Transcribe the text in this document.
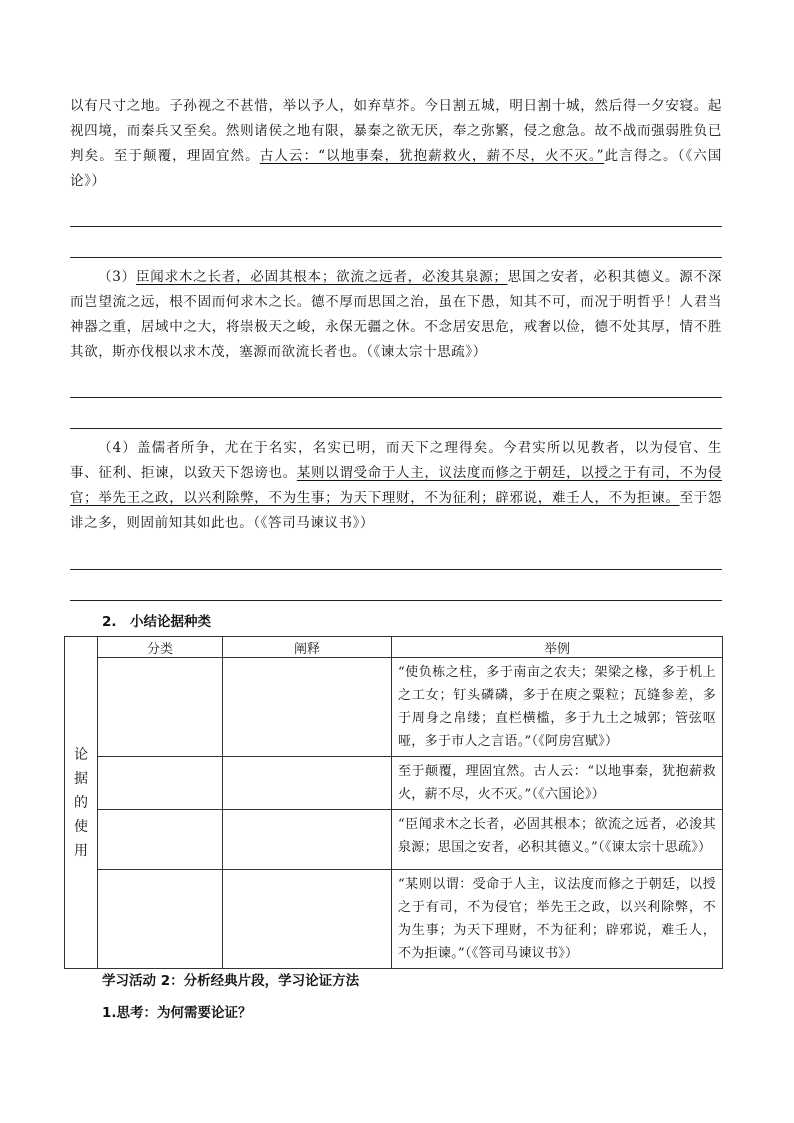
以有尺寸之地。子孙视之不甚惜，举以予人，如弃草芥。今日割五城，明日割十城，然后得一夕安寝。起视四境，而秦兵又至矣。然则诸侯之地有限，暴秦之欲无厌，奉之弥繁，侵之愈急。故不战而强弱胜负已判矣。至于颠覆，理固宜然。古人云：“以地事秦，犹抱薪救火，薪不尽，火不灭。”此言得之。（《六国论》）

（3）臣闻求木之长者，必固其根本；欲流之远者，必浚其泉源；思国之安者，必积其德义。源不深而岂望流之远，根不固而何求木之长。德不厚而思国之治，虽在下愚，知其不可，而况于明哲乎！人君当神器之重，居域中之大，将崇极天之峻，永保无疆之休。不念居安思危，戒奢以俭，德不处其厚，情不胜其欲，斯亦伐根以求木茂，塞源而欲流长者也。（《谏太宗十思疏》）

（4）盖儒者所争，尤在于名实，名实已明，而天下之理得矣。今君实所以见教者，以为侵官、生事、征利、拒谏，以致天下怨谤也。某则以谓受命于人主，议法度而修之于朝廷，以授之于有司，不为侵官；举先王之政，以兴利除弊，不为生事；为天下理财，不为征利；辟邪说，难壬人，不为拒谏。至于怨诽之多，则固前知其如此也。（《答司马谏议书》）

2.　小结论据种类

论
据
的
使
用	分类	阐释	举例
			“使负栋之柱，多于南亩之农夫；架梁之椽，多于机上之工女；钉头磷磷，多于在庾之粟粒；瓦缝参差，多于周身之帛缕；直栏横槛，多于九土之城郭；管弦呕哑，多于市人之言语。”（《阿房宫赋》）
			至于颠覆，理固宜然。古人云：“以地事秦，犹抱薪救火，薪不尽，火不灭。”（《六国论》）
			“臣闻求木之长者，必固其根本；欲流之远者，必浚其泉源；思国之安者，必积其德义。”（《谏太宗十思疏》）
			“某则以谓：受命于人主，议法度而修之于朝廷，以授之于有司，不为侵官；举先王之政，以兴利除弊，不为生事；为天下理财，不为征利；辟邪说，难壬人，不为拒谏。”（《答司马谏议书》）

学习活动 2：分析经典片段，学习论证方法

1.思考：为何需要论证？
